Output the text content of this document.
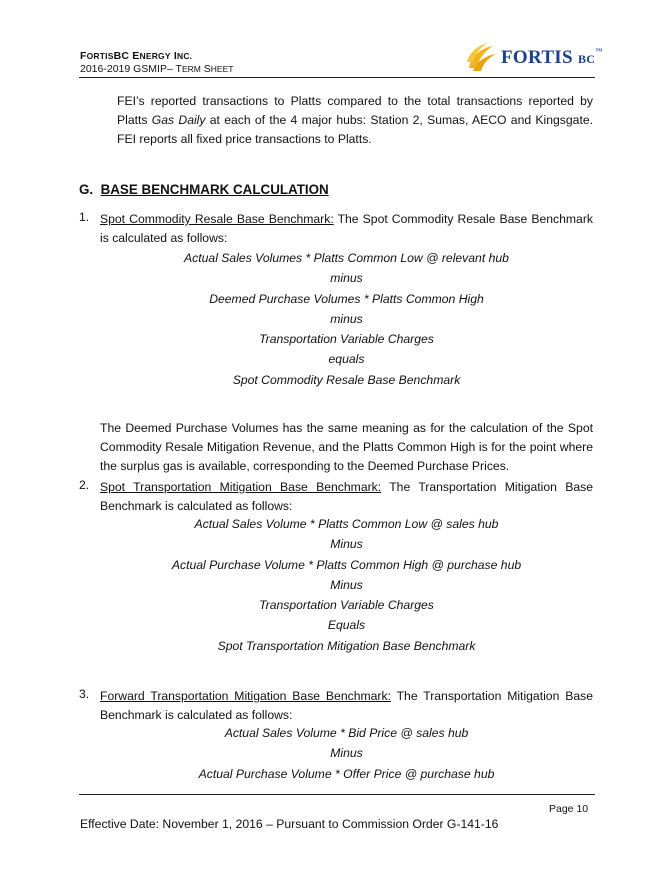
FORTISBC ENERGY INC.
2016-2019 GSMIP– TERM SHEET
FORTIS BC™
FEI’s reported transactions to Platts compared to the total transactions reported by Platts Gas Daily at each of the 4 major hubs: Station 2, Sumas, AECO and Kingsgate. FEI reports all fixed price transactions to Platts.
G. BASE BENCHMARK CALCULATION
1. Spot Commodity Resale Base Benchmark: The Spot Commodity Resale Base Benchmark is calculated as follows:
Actual Sales Volumes * Platts Common Low @ relevant hub
minus
Deemed Purchase Volumes * Platts Common High
minus
Transportation Variable Charges
equals
Spot Commodity Resale Base Benchmark
The Deemed Purchase Volumes has the same meaning as for the calculation of the Spot Commodity Resale Mitigation Revenue, and the Platts Common High is for the point where the surplus gas is available, corresponding to the Deemed Purchase Prices.
2. Spot Transportation Mitigation Base Benchmark: The Transportation Mitigation Base Benchmark is calculated as follows:
Actual Sales Volume * Platts Common Low @ sales hub
Minus
Actual Purchase Volume * Platts Common High @ purchase hub
Minus
Transportation Variable Charges
Equals
Spot Transportation Mitigation Base Benchmark
3. Forward Transportation Mitigation Base Benchmark: The Transportation Mitigation Base Benchmark is calculated as follows:
Actual Sales Volume * Bid Price @ sales hub
Minus
Actual Purchase Volume * Offer Price @ purchase hub
Page 10
Effective Date: November 1, 2016 – Pursuant to Commission Order G-141-16
